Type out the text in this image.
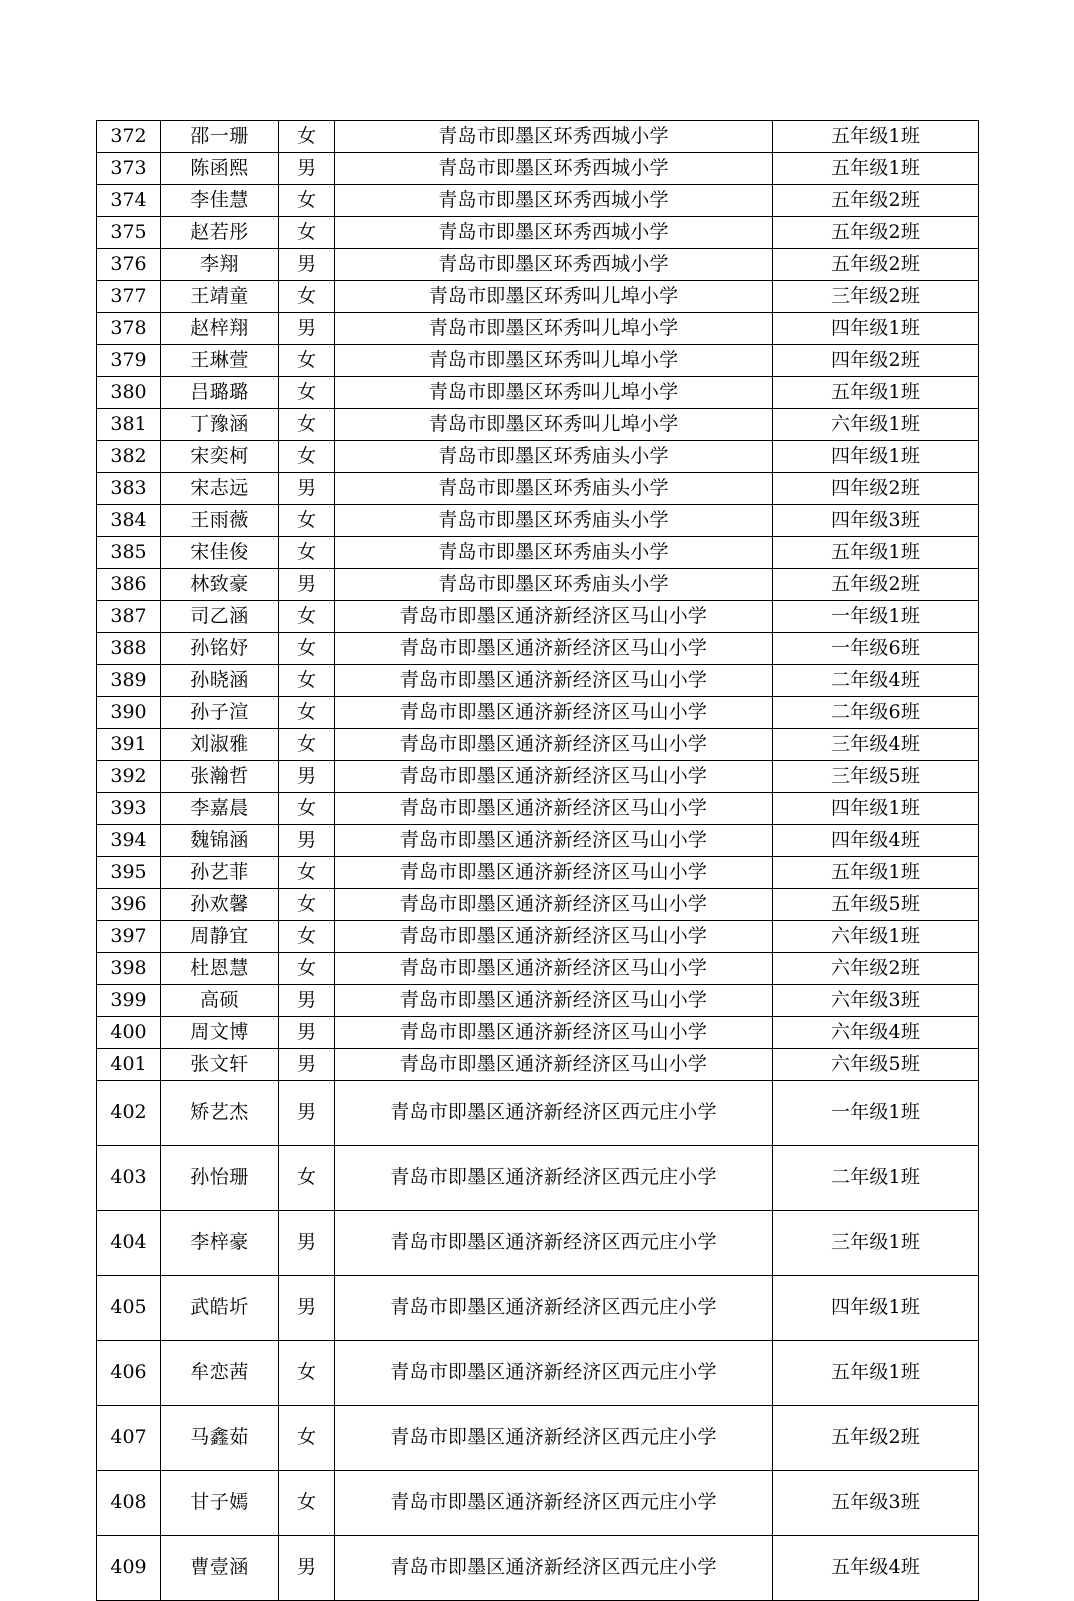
372	邵一珊	女	青岛市即墨区环秀西城小学	五年级1班
373	陈函熙	男	青岛市即墨区环秀西城小学	五年级1班
374	李佳慧	女	青岛市即墨区环秀西城小学	五年级2班
375	赵若彤	女	青岛市即墨区环秀西城小学	五年级2班
376	李翔	男	青岛市即墨区环秀西城小学	五年级2班
377	王靖童	女	青岛市即墨区环秀叫儿埠小学	三年级2班
378	赵梓翔	男	青岛市即墨区环秀叫儿埠小学	四年级1班
379	王琳萱	女	青岛市即墨区环秀叫儿埠小学	四年级2班
380	吕璐璐	女	青岛市即墨区环秀叫儿埠小学	五年级1班
381	丁豫涵	女	青岛市即墨区环秀叫儿埠小学	六年级1班
382	宋奕柯	女	青岛市即墨区环秀庙头小学	四年级1班
383	宋志远	男	青岛市即墨区环秀庙头小学	四年级2班
384	王雨薇	女	青岛市即墨区环秀庙头小学	四年级3班
385	宋佳俊	女	青岛市即墨区环秀庙头小学	五年级1班
386	林致豪	男	青岛市即墨区环秀庙头小学	五年级2班
387	司乙涵	女	青岛市即墨区通济新经济区马山小学	一年级1班
388	孙铭妤	女	青岛市即墨区通济新经济区马山小学	一年级6班
389	孙晓涵	女	青岛市即墨区通济新经济区马山小学	二年级4班
390	孙子渲	女	青岛市即墨区通济新经济区马山小学	二年级6班
391	刘淑雅	女	青岛市即墨区通济新经济区马山小学	三年级4班
392	张瀚哲	男	青岛市即墨区通济新经济区马山小学	三年级5班
393	李嘉晨	女	青岛市即墨区通济新经济区马山小学	四年级1班
394	魏锦涵	男	青岛市即墨区通济新经济区马山小学	四年级4班
395	孙艺菲	女	青岛市即墨区通济新经济区马山小学	五年级1班
396	孙欢馨	女	青岛市即墨区通济新经济区马山小学	五年级5班
397	周静宜	女	青岛市即墨区通济新经济区马山小学	六年级1班
398	杜恩慧	女	青岛市即墨区通济新经济区马山小学	六年级2班
399	高硕	男	青岛市即墨区通济新经济区马山小学	六年级3班
400	周文博	男	青岛市即墨区通济新经济区马山小学	六年级4班
401	张文轩	男	青岛市即墨区通济新经济区马山小学	六年级5班
402	矫艺杰	男	青岛市即墨区通济新经济区西元庄小学	一年级1班
403	孙怡珊	女	青岛市即墨区通济新经济区西元庄小学	二年级1班
404	李梓豪	男	青岛市即墨区通济新经济区西元庄小学	三年级1班
405	武皓圻	男	青岛市即墨区通济新经济区西元庄小学	四年级1班
406	牟恋茜	女	青岛市即墨区通济新经济区西元庄小学	五年级1班
407	马鑫茹	女	青岛市即墨区通济新经济区西元庄小学	五年级2班
408	甘子嫣	女	青岛市即墨区通济新经济区西元庄小学	五年级3班
409	曹壹涵	男	青岛市即墨区通济新经济区西元庄小学	五年级4班
